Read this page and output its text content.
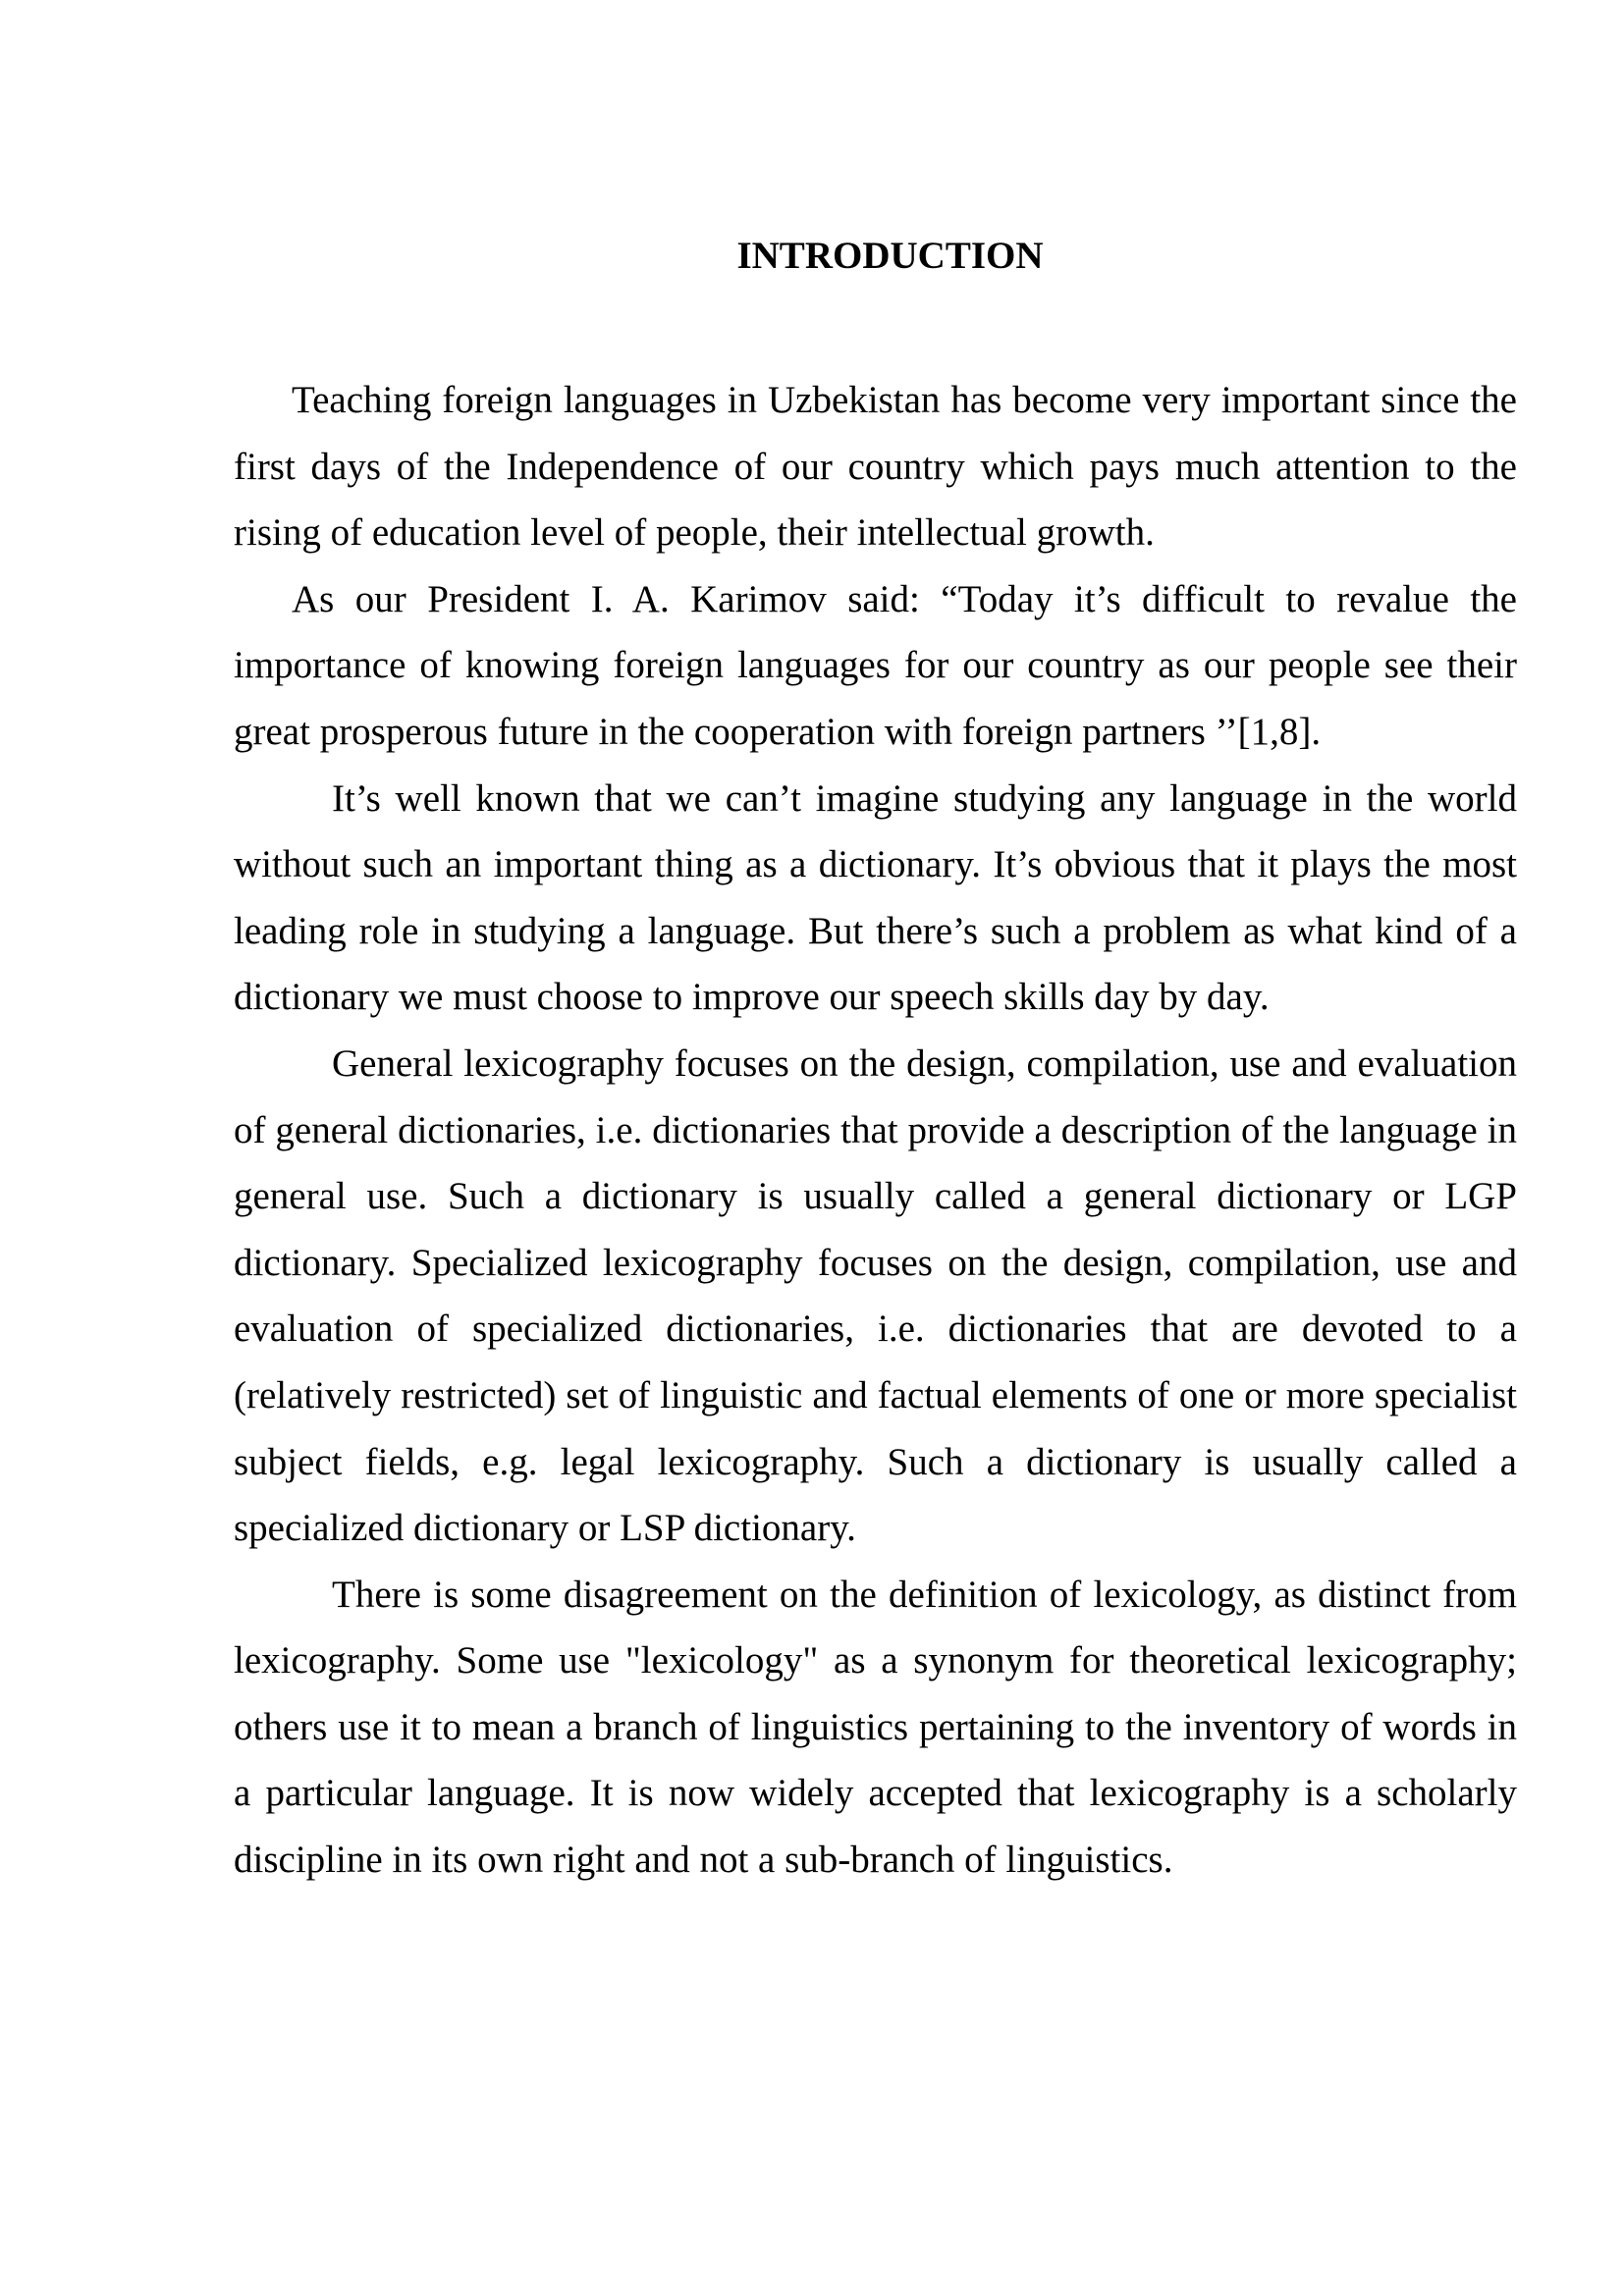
INTRODUCTION

Teaching foreign languages in Uzbekistan has become very important since the first days of the Independence of our country which pays much attention to the rising of education level of people, their intellectual growth.

As our President I. A. Karimov said: “Today it’s difficult to revalue the importance of knowing foreign languages for our country as our people see their great prosperous future in the cooperation with foreign partners ’’[1,8].

It’s well known that we can’t imagine studying any language in the world without such an important thing as a dictionary. It’s obvious that it plays the most leading role in studying a language. But there’s such a problem as what kind of a dictionary we must choose to improve our speech skills day by day.

General lexicography focuses on the design, compilation, use and evaluation of general dictionaries, i.e. dictionaries that provide a description of the language in general use. Such a dictionary is usually called a general dictionary or LGP dictionary. Specialized lexicography focuses on the design, compilation, use and evaluation of specialized dictionaries, i.e. dictionaries that are devoted to a (relatively restricted) set of linguistic and factual elements of one or more specialist subject fields, e.g. legal lexicography. Such a dictionary is usually called a specialized dictionary or LSP dictionary.

There is some disagreement on the definition of lexicology, as distinct from lexicography. Some use "lexicology" as a synonym for theoretical lexicography; others use it to mean a branch of linguistics pertaining to the inventory of words in a particular language. It is now widely accepted that lexicography is a scholarly discipline in its own right and not a sub-branch of linguistics.
